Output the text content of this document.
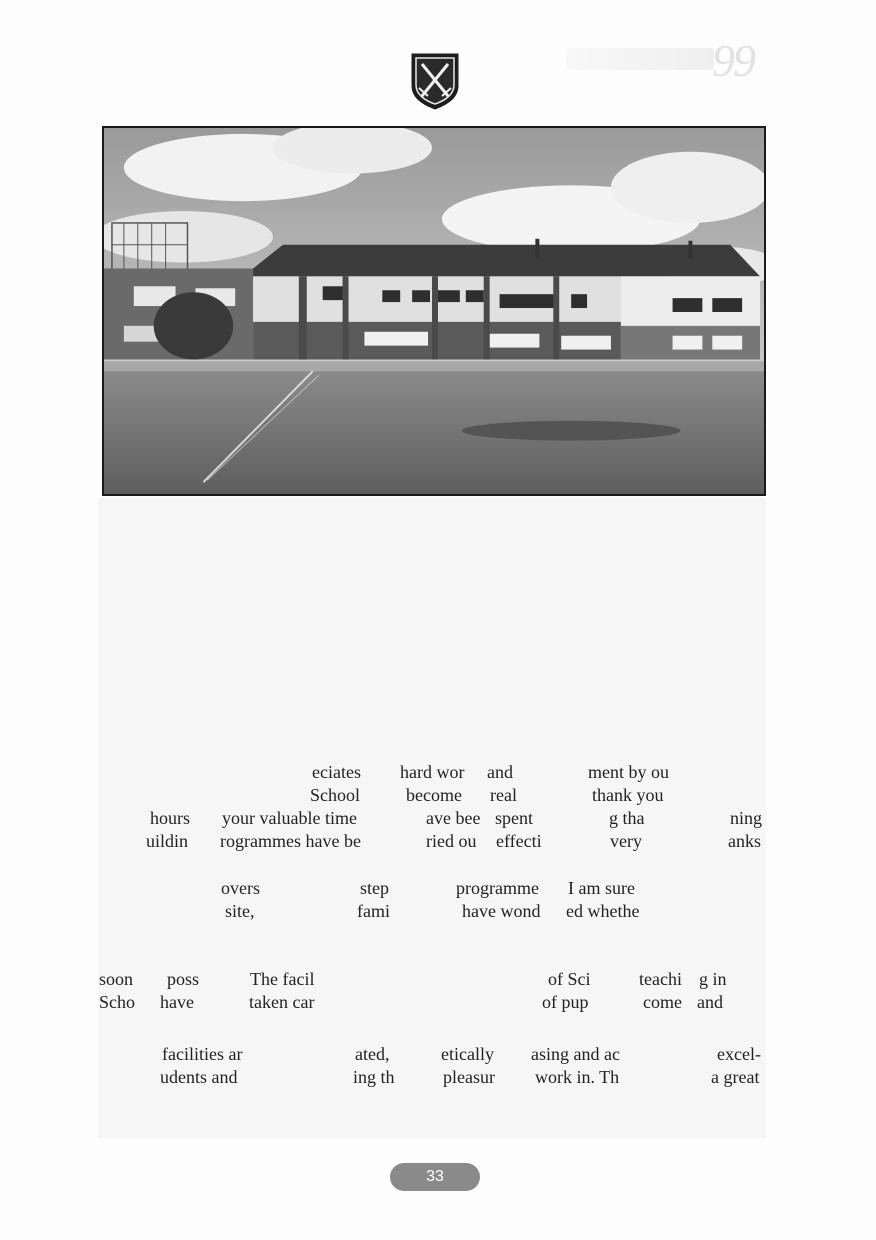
99
eciates hard wor and	ment by ou
School	become real	thank you
hours your valuable time	ave bee spent	g tha	ning
uildin rogrammes have be	ried ou effecti	very	anks
overs	step	programme I am sure
site,	fami	have wond ed whethe
soon poss	The facil	of Sci	teachi g in
Scho have	taken car	of pup	come and
facilities ar	ated,	etically asing and ac	excel-
udents and	ing th	pleasur work in. Th	a great
33
